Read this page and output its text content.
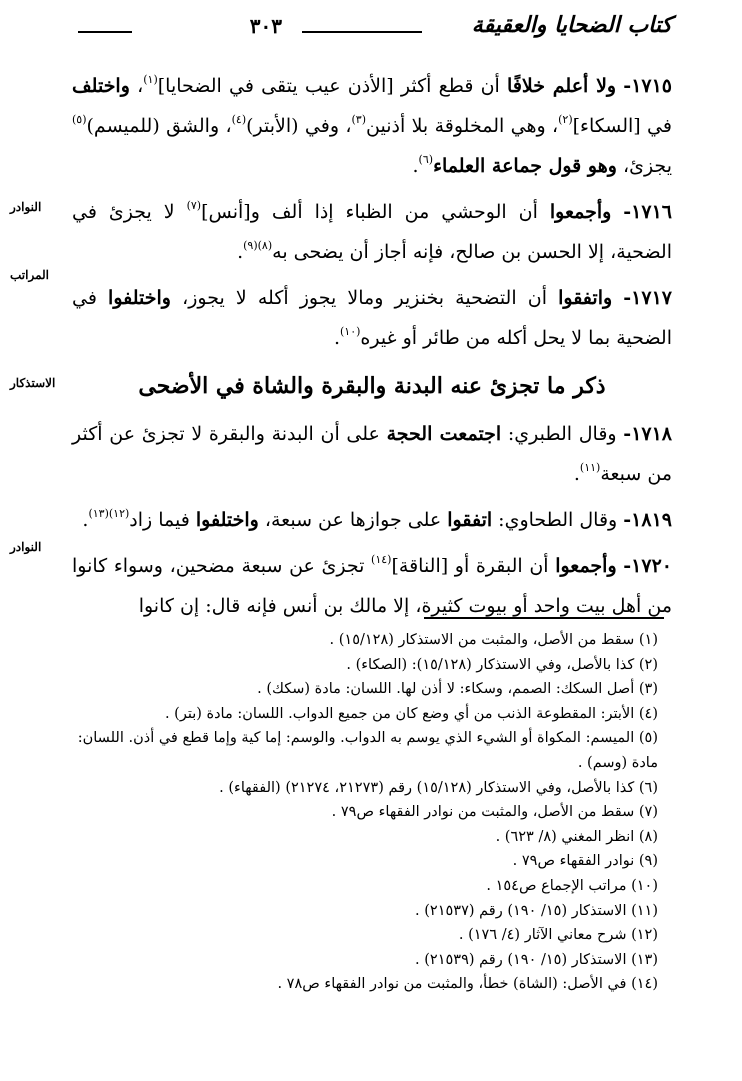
كتاب الضحايا والعقيقة
٣٠٣
النوادر
المراتب
الاستذكار
النوادر

١٧١٥- ولا أعلم خلافًا أن قطع أكثر [الأذن عيب يتقى في الضحايا]$^{(١)}$، واختلف في [السكاء]$^{(٢)}$، وهي المخلوقة بلا أذنين$^{(٣)}$، وفي (الأبتر)$^{(٤)}$، والشق (للميسم)$^{(٥)}$ يجزئ، وهو قول جماعة العلماء$^{(٦)}$.

١٧١٦- وأجمعوا أن الوحشي من الظباء إذا ألف و[أنس]$^{(٧)}$ لا يجزئ في الضحية، إلا الحسن بن صالح، فإنه أجاز أن يضحى به$^{(٨)(٩)}$.

١٧١٧- واتفقوا أن التضحية بخنزير ومالا يجوز أكله لا يجوز، واختلفوا في الضحية بما لا يحل أكله من طائر أو غيره$^{(١٠)}$.

ذكر ما تجزئ عنه البدنة والبقرة والشاة في الأضحى

١٧١٨- وقال الطبري: اجتمعت الحجة على أن البدنة والبقرة لا تجزئ عن أكثر من سبعة$^{(١١)}$.

١٨١٩- وقال الطحاوي: اتفقوا على جوازها عن سبعة، واختلفوا فيما زاد$^{(١٢)(١٣)}$.

١٧٢٠- وأجمعوا أن البقرة أو [الناقة]$^{(١٤)}$ تجزئ عن سبعة مضحين، وسواء كانوا من أهل بيت واحد أو بيوت كثيرة، إلا مالك بن أنس فإنه قال: إن كانوا

(١) سقط من الأصل، والمثبت من الاستذكار (١٥/١٢٨) .
(٢) كذا بالأصل، وفي الاستذكار (١٥/١٢٨): (الصكاء) .
(٣) أصل السكك: الصمم، وسكاء: لا أذن لها. اللسان: مادة (سكك) .
(٤) الأبتر: المقطوعة الذنب من أي وضع كان من جميع الدواب. اللسان: مادة (بتر) .
(٥) الميسم: المكواة أو الشيء الذي يوسم به الدواب. والوسم: إما كية وإما قطع في أذن. اللسان: مادة (وسم) .
(٦) كذا بالأصل، وفي الاستذكار (١٥/١٢٨) رقم (٢١٢٧٣، ٢١٢٧٤) (الفقهاء) .
(٧) سقط من الأصل، والمثبت من نوادر الفقهاء ص٧٩ .
(٨) انظر المغني (٨/ ٦٢٣) .
(٩) نوادر الفقهاء ص٧٩ .
(١٠) مراتب الإجماع ص١٥٤ .
(١١) الاستذكار (١٥/ ١٩٠) رقم (٢١٥٣٧) .
(١٢) شرح معاني الآثار (٤/ ١٧٦) .
(١٣) الاستذكار (١٥/ ١٩٠) رقم (٢١٥٣٩) .
(١٤) في الأصل: (الشاة) خطأ، والمثبت من نوادر الفقهاء ص٧٨ .
